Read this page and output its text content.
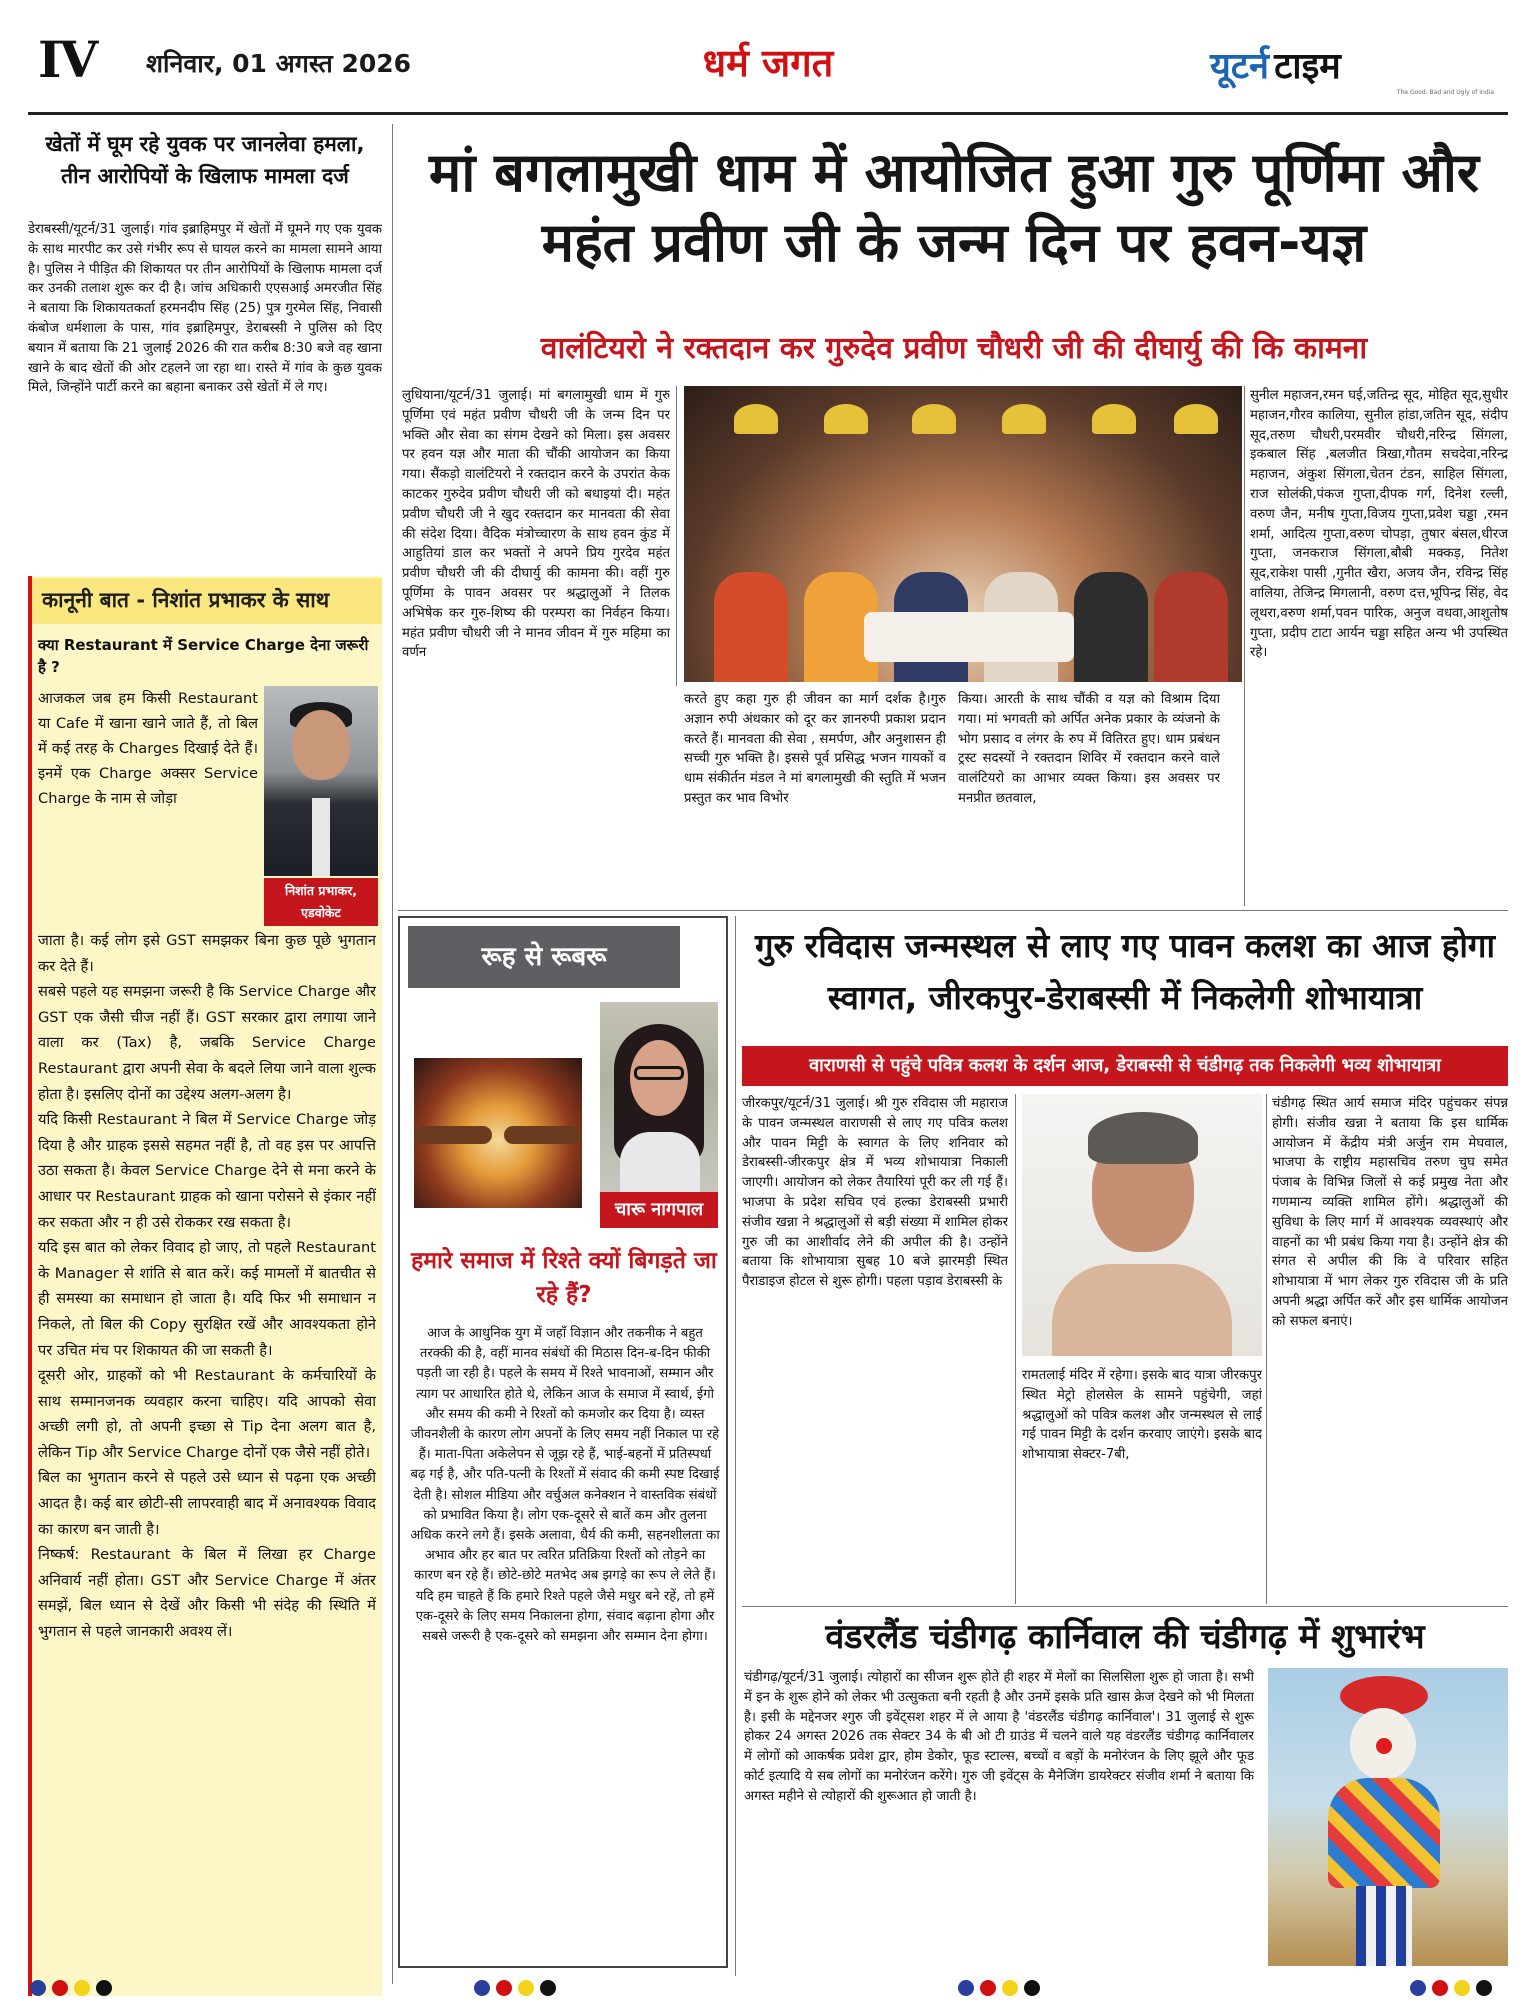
IV शनिवार, 01 अगस्त 2026	धर्म जगत	यूटर्न टाइम
The Good, Bad and Ugly of India
खेतों में घूम रहे युवक पर जानलेवा हमला, तीन आरोपियों के खिलाफ मामला दर्ज
डेराबस्सी/यूटर्न/31 जुलाई। गांव इब्राहिमपुर में खेतों में घूमने गए एक युवक के साथ मारपीट कर उसे गंभीर रूप से घायल करने का मामला सामने आया है। पुलिस ने पीड़ित की शिकायत पर तीन आरोपियों के खिलाफ मामला दर्ज कर उनकी तलाश शुरू कर दी है। जांच अधिकारी एएसआई अमरजीत सिंह ने बताया कि शिकायतकर्ता हरमनदीप सिंह (25) पुत्र गुरमेल सिंह, निवासी कंबोज धर्मशाला के पास, गांव इब्राहिमपुर, डेराबस्सी ने पुलिस को दिए बयान में बताया कि 21 जुलाई 2026 की रात करीब 8:30 बजे वह खाना खाने के बाद खेतों की ओर टहलने जा रहा था। रास्ते में गांव के कुछ युवक मिले, जिन्होंने पार्टी करने का बहाना बनाकर उसे खेतों में ले गए।
कानूनी बात - निशांत प्रभाकर के साथ
क्या Restaurant में Service Charge देना जरूरी है ?
आजकल जब हम किसी Restaurant या Cafe में खाना खाने जाते हैं, तो बिल में कई तरह के Charges दिखाई देते हैं। इनमें एक Charge अक्सर Service Charge के नाम से जोड़ा
निशांत प्रभाकर, एडवोकेट

जाता है। कई लोग इसे GST समझकर बिना कुछ पूछे भुगतान कर देते हैं।

सबसे पहले यह समझना जरूरी है कि Service Charge और GST एक जैसी चीज नहीं हैं। GST सरकार द्वारा लगाया जाने वाला कर (Tax) है, जबकि Service Charge Restaurant द्वारा अपनी सेवा के बदले लिया जाने वाला शुल्क होता है। इसलिए दोनों का उद्देश्य अलग-अलग है।

यदि किसी Restaurant ने बिल में Service Charge जोड़ दिया है और ग्राहक इससे सहमत नहीं है, तो वह इस पर आपत्ति उठा सकता है। केवल Service Charge देने से मना करने के आधार पर Restaurant ग्राहक को खाना परोसने से इंकार नहीं कर सकता और न ही उसे रोककर रख सकता है।

यदि इस बात को लेकर विवाद हो जाए, तो पहले Restaurant के Manager से शांति से बात करें। कई मामलों में बातचीत से ही समस्या का समाधान हो जाता है। यदि फिर भी समाधान न निकले, तो बिल की Copy सुरक्षित रखें और आवश्यकता होने पर उचित मंच पर शिकायत की जा सकती है।

दूसरी ओर, ग्राहकों को भी Restaurant के कर्मचारियों के साथ सम्मानजनक व्यवहार करना चाहिए। यदि आपको सेवा अच्छी लगी हो, तो अपनी इच्छा से Tip देना अलग बात है, लेकिन Tip और Service Charge दोनों एक जैसे नहीं होते।

बिल का भुगतान करने से पहले उसे ध्यान से पढ़ना एक अच्छी आदत है। कई बार छोटी-सी लापरवाही बाद में अनावश्यक विवाद का कारण बन जाती है।

निष्कर्ष: Restaurant के बिल में लिखा हर Charge अनिवार्य नहीं होता। GST और Service Charge में अंतर समझें, बिल ध्यान से देखें और किसी भी संदेह की स्थिति में भुगतान से पहले जानकारी अवश्य लें।

मां बगलामुखी धाम में आयोजित हुआ गुरु पूर्णिमा और महंत प्रवीण जी के जन्म दिन पर हवन-यज्ञ
वालंटियरो ने रक्तदान कर गुरुदेव प्रवीण चौधरी जी की दीघार्यु की कि कामना
लुधियाना/यूटर्न/31 जुलाई। मां बगलामुखी धाम में गुरु पूर्णिमा एवं महंत प्रवीण चौधरी जी के जन्म दिन पर भक्ति और सेवा का संगम देखने को मिला। इस अवसर पर हवन यज्ञ और माता की चौंकी आयोजन का किया गया। सैंकड़ो वालंटियरो ने रक्तदान करने के उपरांत केक काटकर गुरुदेव प्रवीण चौधरी जी को बधाइयां दी। महंत प्रवीण चौधरी जी ने खुद रक्तदान कर मानवता की सेवा की संदेश दिया। वैदिक मंत्रोच्चारण के साथ हवन कुंड में आहुतियां डाल कर भक्तों ने अपने प्रिय गुरदेव महंत प्रवीण चौधरी जी की दीघार्यु की कामना की। वहीं गुरु पूर्णिमा के पावन अवसर पर श्रद्धालुओं ने तिलक अभिषेक कर गुरु-शिष्य की परम्परा का निर्वहन किया। महंत प्रवीण चौधरी जी ने मानव जीवन में गुरु महिमा का वर्णन
करते हुए कहा गुरु ही जीवन का मार्ग दर्शक है।गुरु अज्ञान रुपी अंधकार को दूर कर ज्ञानरुपी प्रकाश प्रदान करते हैं। मानवता की सेवा , समर्पण, और अनुशासन ही सच्ची गुरु भक्ति है। इससे पूर्व प्रसिद्ध भजन गायकों व धाम संकीर्तन मंडल ने मां बगलामुखी की स्तुति में भजन प्रस्तुत कर भाव विभोर
किया। आरती के साथ चौंकी व यज्ञ को विश्राम दिया गया। मां भगवती को अर्पित अनेक प्रकार के व्यंजनो के भोग प्रसाद व लंगर के रुप में वितिरत हुए। धाम प्रबंधन ट्रस्ट सदस्यों ने रक्तदान शिविर में रक्तदान करने वाले वालंटियरो का आभार व्यक्त किया। इस अवसर पर मनप्रीत छतवाल,
सुनील महाजन,रमन घई,जतिन्द्र सूद, मोहित सूद,सुधीर महाजन,गौरव कालिया, सुनील हांडा,जतिन सूद, संदीप सूद,तरुण चौधरी,परमवीर चौधरी,नरिन्द्र सिंगला, इकबाल सिंह ,बलजीत त्रिखा,गौतम सचदेवा,नरिन्द्र महाजन, अंकुश सिंगला,चेतन टंडन, साहिल सिंगला, राज सोलंकी,पंकज गुप्ता,दीपक गर्ग, दिनेश रल्ली, वरुण जैन, मनीष गुप्ता,विजय गुप्ता,प्रवेश चड्डा ,रमन शर्मा, आदित्य गुप्ता,वरुण चोपड़ा, तुषार बंसल,धीरज गुप्ता, जनकराज सिंगला,बौबी मक्कड़, नितेश सूद,राकेश पासी ,गुनीत खैरा, अजय जैन, रविन्द्र सिंह वालिया, तेजिन्द्र मिगलानी, वरुण दत्त,भूपिन्द्र सिंह, वेद लूथरा,वरुण शर्मा,पवन पारिक, अनुज वधवा,आशुतोष गुप्ता, प्रदीप टाटा आर्यन चड्डा सहित अन्य भी उपस्थित रहे।
रूह से रूबरू
चारू नागपाल
हमारे समाज में रिश्ते क्यों बिगड़ते जा रहे हैं?
आज के आधुनिक युग में जहाँ विज्ञान और तकनीक ने बहुत तरक्की की है, वहीं मानव संबंधों की मिठास दिन-ब-दिन फीकी पड़ती जा रही है। पहले के समय में रिश्ते भावनाओं, सम्मान और त्याग पर आधारित होते थे, लेकिन आज के समाज में स्वार्थ, ईगो और समय की कमी ने रिश्तों को कमजोर कर दिया है। व्यस्त जीवनशैली के कारण लोग अपनों के लिए समय नहीं निकाल पा रहे हैं। माता-पिता अकेलेपन से जूझ रहे हैं, भाई-बहनों में प्रतिस्पर्धा बढ़ गई है, और पति-पत्नी के रिश्तों में संवाद की कमी स्पष्ट दिखाई देती है। सोशल मीडिया और वर्चुअल कनेक्शन ने वास्तविक संबंधों को प्रभावित किया है। लोग एक-दूसरे से बातें कम और तुलना अधिक करने लगे हैं। इसके अलावा, धैर्य की कमी, सहनशीलता का अभाव और हर बात पर त्वरित प्रतिक्रिया रिश्तों को तोड़ने का कारण बन रहे हैं। छोटे-छोटे मतभेद अब झगड़े का रूप ले लेते हैं। यदि हम चाहते हैं कि हमारे रिश्ते पहले जैसे मधुर बने रहें, तो हमें एक-दूसरे के लिए समय निकालना होगा, संवाद बढ़ाना होगा और सबसे जरूरी है एक-दूसरे को समझना और सम्मान देना होगा।
गुरु रविदास जन्मस्थल से लाए गए पावन कलश का आज होगा स्वागत, जीरकपुर-डेराबस्सी में निकलेगी शोभायात्रा
वाराणसी से पहुंचे पवित्र कलश के दर्शन आज, डेराबस्सी से चंडीगढ़ तक निकलेगी भव्य शोभायात्रा
जीरकपुर/यूटर्न/31 जुलाई। श्री गुरु रविदास जी महाराज के पावन जन्मस्थल वाराणसी से लाए गए पवित्र कलश और पावन मिट्टी के स्वागत के लिए शनिवार को डेराबस्सी-जीरकपुर क्षेत्र में भव्य शोभायात्रा निकाली जाएगी। आयोजन को लेकर तैयारियां पूरी कर ली गई हैं। भाजपा के प्रदेश सचिव एवं हल्का डेराबस्सी प्रभारी संजीव खन्ना ने श्रद्धालुओं से बड़ी संख्या में शामिल होकर गुरु जी का आशीर्वाद लेने की अपील की है। उन्होंने बताया कि शोभायात्रा सुबह 10 बजे झारमड़ी स्थित पैराडाइज होटल से शुरू होगी। पहला पड़ाव डेराबस्सी के
रामतलाई मंदिर में रहेगा। इसके बाद यात्रा जीरकपुर स्थित मेट्रो होलसेल के सामने पहुंचेगी, जहां श्रद्धालुओं को पवित्र कलश और जन्मस्थल से लाई गई पावन मिट्टी के दर्शन करवाए जाएंगे। इसके बाद शोभायात्रा सेक्टर-7बी,
चंडीगढ़ स्थित आर्य समाज मंदिर पहुंचकर संपन्न होगी। संजीव खन्ना ने बताया कि इस धार्मिक आयोजन में केंद्रीय मंत्री अर्जुन राम मेघवाल, भाजपा के राष्ट्रीय महासचिव तरुण चुघ समेत पंजाब के विभिन्न जिलों से कई प्रमुख नेता और गणमान्य व्यक्ति शामिल होंगे। श्रद्धालुओं की सुविधा के लिए मार्ग में आवश्यक व्यवस्थाएं और वाहनों का भी प्रबंध किया गया है। उन्होंने क्षेत्र की संगत से अपील की कि वे परिवार सहित शोभायात्रा में भाग लेकर गुरु रविदास जी के प्रति अपनी श्रद्धा अर्पित करें और इस धार्मिक आयोजन को सफल बनाएं।
वंडरलैंड चंडीगढ़ कार्निवाल की चंडीगढ़ में शुभारंभ
चंडीगढ़/यूटर्न/31 जुलाई। त्योहारों का सीजन शुरू होते ही शहर में मेलों का सिलसिला शुरू हो जाता है। सभी में इन के शुरू होने को लेकर भी उत्सुकता बनी रहती है और उनमें इसके प्रति खास क्रेज देखने को भी मिलता है। इसी के मद्देनजर श्गुरु जी इवेंट्सश शहर में ले आया है 'वंडरलैंड चंडीगढ़ कार्निवाल'। 31 जुलाई से शुरू होकर 24 अगस्त 2026 तक सेक्टर 34 के बी ओ टी ग्राउंड में चलने वाले यह वंडरलैंड चंडीगढ़ कार्निवालर में लोगों को आकर्षक प्रवेश द्वार, होम डेकोर, फूड स्टाल्स, बच्चों व बड़ों के मनोरंजन के लिए झूले और फूड कोर्ट इत्यादि ये सब लोगों का मनोरंजन करेंगे। गुरु जी इवेंट्स के मैनेजिंग डायरेक्टर संजीव शर्मा ने बताया कि अगस्त महीने से त्योहारों की शुरूआत हो जाती है।
